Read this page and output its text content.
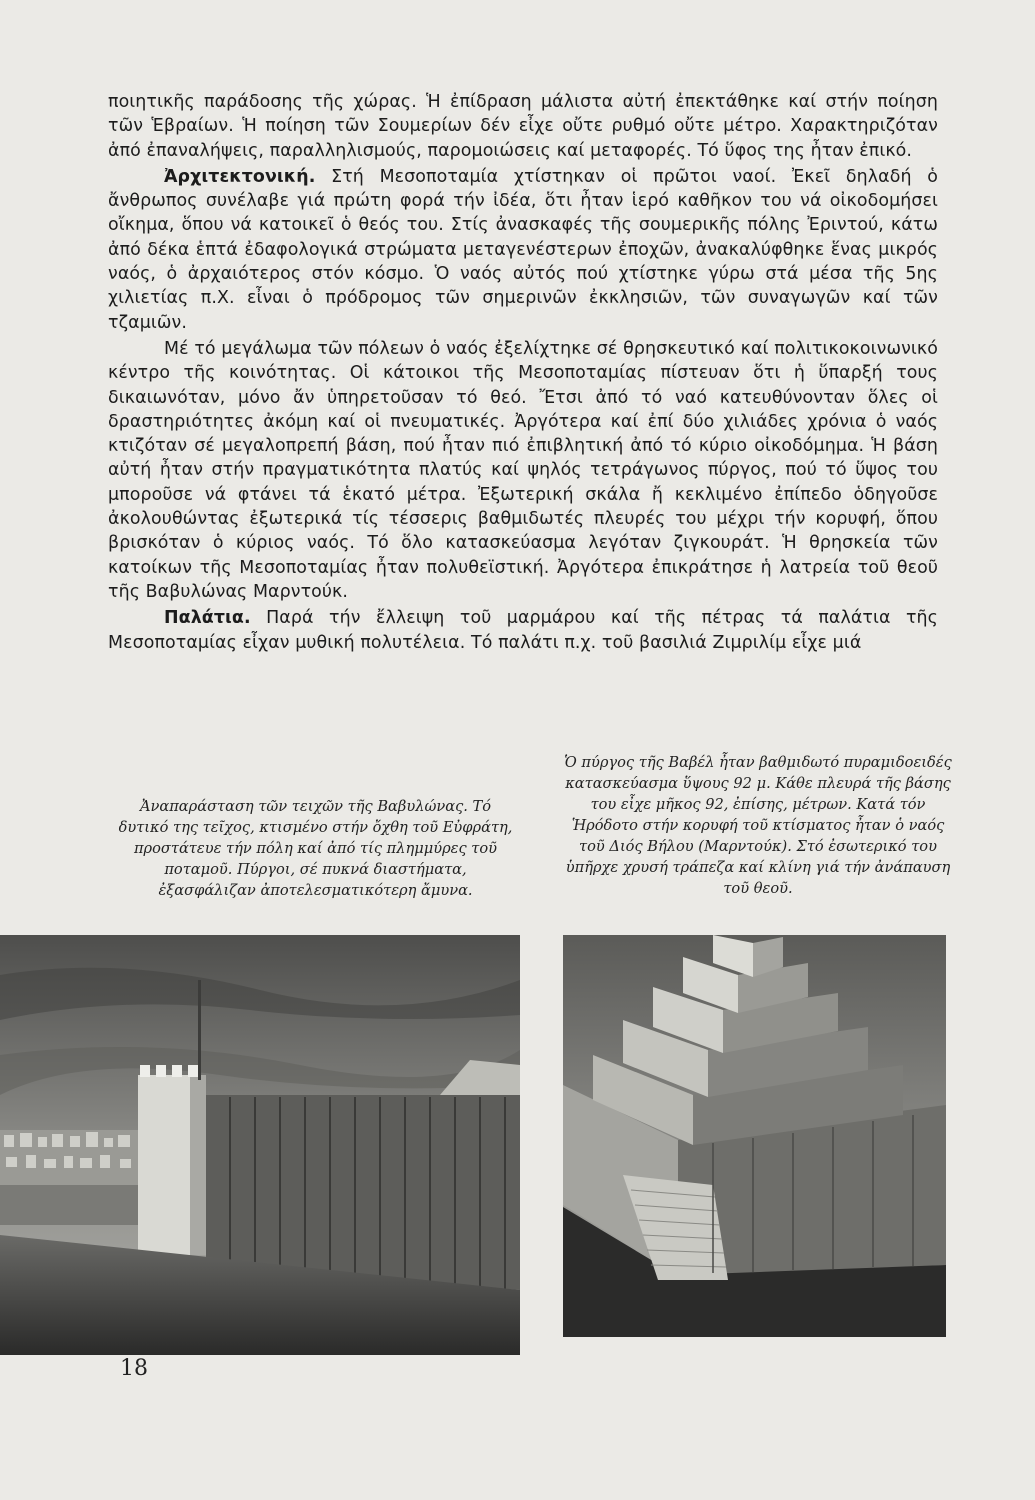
ποιητικῆς παράδοσης τῆς χώρας. Ἡ ἐπίδραση μάλιστα αὐτή ἐπεκτάθηκε καί στήν ποίηση τῶν Ἑβραίων. Ἡ ποίηση τῶν Σουμερίων δέν εἶχε οὔτε ρυθμό οὔτε μέτρο. Χαρακτηριζόταν ἀπό ἐπαναλήψεις, παραλληλισμούς, παρομοιώσεις καί μεταφορές. Τό ὕφος της ἦταν ἐπικό.

Ἀρχιτεκτονική. Στή Μεσοποταμία χτίστηκαν οἱ πρῶτοι ναοί. Ἐκεῖ δηλαδή ὁ ἄνθρωπος συνέλαβε γιά πρώτη φορά τήν ἰδέα, ὅτι ἦταν ἱερό καθῆκον του νά οἰκοδομήσει οἴκημα, ὅπου νά κατοικεῖ ὁ θεός του. Στίς ἀνασκαφές τῆς σουμερικῆς πόλης Ἐριντού, κάτω ἀπό δέκα ἑπτά ἐδαφολογικά στρώματα μεταγενέστερων ἐποχῶν, ἀνακαλύφθηκε ἕνας μικρός ναός, ὁ ἀρχαιότερος στόν κόσμο. Ὁ ναός αὐτός πού χτίστηκε γύρω στά μέσα τῆς 5ης χιλιετίας π.Χ. εἶναι ὁ πρόδρομος τῶν σημερινῶν ἐκκλησιῶν, τῶν συναγωγῶν καί τῶν τζαμιῶν.

Μέ τό μεγάλωμα τῶν πόλεων ὁ ναός ἐξελίχτηκε σέ θρησκευτικό καί πολιτικοκοινωνικό κέντρο τῆς κοινότητας. Οἱ κάτοικοι τῆς Μεσοποταμίας πίστευαν ὅτι ἡ ὕπαρξή τους δικαιωνόταν, μόνο ἄν ὑπηρετοῦσαν τό θεό. Ἔτσι ἀπό τό ναό κατευθύνονταν ὅλες οἱ δραστηριότητες ἀκόμη καί οἱ πνευματικές. Ἀργότερα καί ἐπί δύο χιλιάδες χρόνια ὁ ναός κτιζόταν σέ μεγαλοπρεπή βάση, πού ἦταν πιό ἐπιβλητική ἀπό τό κύριο οἰκοδόμημα. Ἡ βάση αὐτή ἦταν στήν πραγματικότητα πλατύς καί ψηλός τετράγωνος πύργος, πού τό ὕψος του μποροῦσε νά φτάνει τά ἑκατό μέτρα. Ἐξωτερική σκάλα ἤ κεκλιμένο ἐπίπεδο ὁδηγοῦσε ἀκολουθώντας ἐξωτερικά τίς τέσσερις βαθμιδωτές πλευρές του μέχρι τήν κορυφή, ὅπου βρισκόταν ὁ κύριος ναός. Τό ὅλο κατασκεύασμα λεγόταν ζιγκουράτ. Ἡ θρησκεία τῶν κατοίκων τῆς Μεσοποταμίας ἦταν πολυθεϊστική. Ἀργότερα ἐπικράτησε ἡ λατρεία τοῦ θεοῦ τῆς Βαβυλώνας Μαρντούκ.

Παλάτια. Παρά τήν ἔλλειψη τοῦ μαρμάρου καί τῆς πέτρας τά παλάτια τῆς Μεσοποταμίας εἶχαν μυθική πολυτέλεια. Τό παλάτι π.χ. τοῦ βασιλιά Ζιμριλίμ εἶχε μιά

Ἀναπαράσταση τῶν τειχῶν τῆς Βαβυλώνας. Τό δυτικό της τεῖχος, κτισμένο στήν ὄχθη τοῦ Εὐφράτη, προστάτευε τήν πόλη καί ἀπό τίς πλημμύρες τοῦ ποταμοῦ. Πύργοι, σέ πυκνά διαστήματα, ἐξασφάλιζαν ἀποτελεσματικότερη ἄμυνα.
Ὁ πύργος τῆς Βαβέλ ἦταν βαθμιδωτό πυραμιδοειδές κατασκεύασμα ὕψους 92 μ. Κάθε πλευρά τῆς βάσης του εἶχε μῆκος 92, ἐπίσης, μέτρων. Κατά τόν Ἡρόδοτο στήν κορυφή τοῦ κτίσματος ἦταν ὁ ναός τοῦ Διός Βήλου (Μαρντούκ). Στό ἐσωτερικό του ὑπῆρχε χρυσή τράπεζα καί κλίνη γιά τήν ἀνάπαυση τοῦ θεοῦ.
18
